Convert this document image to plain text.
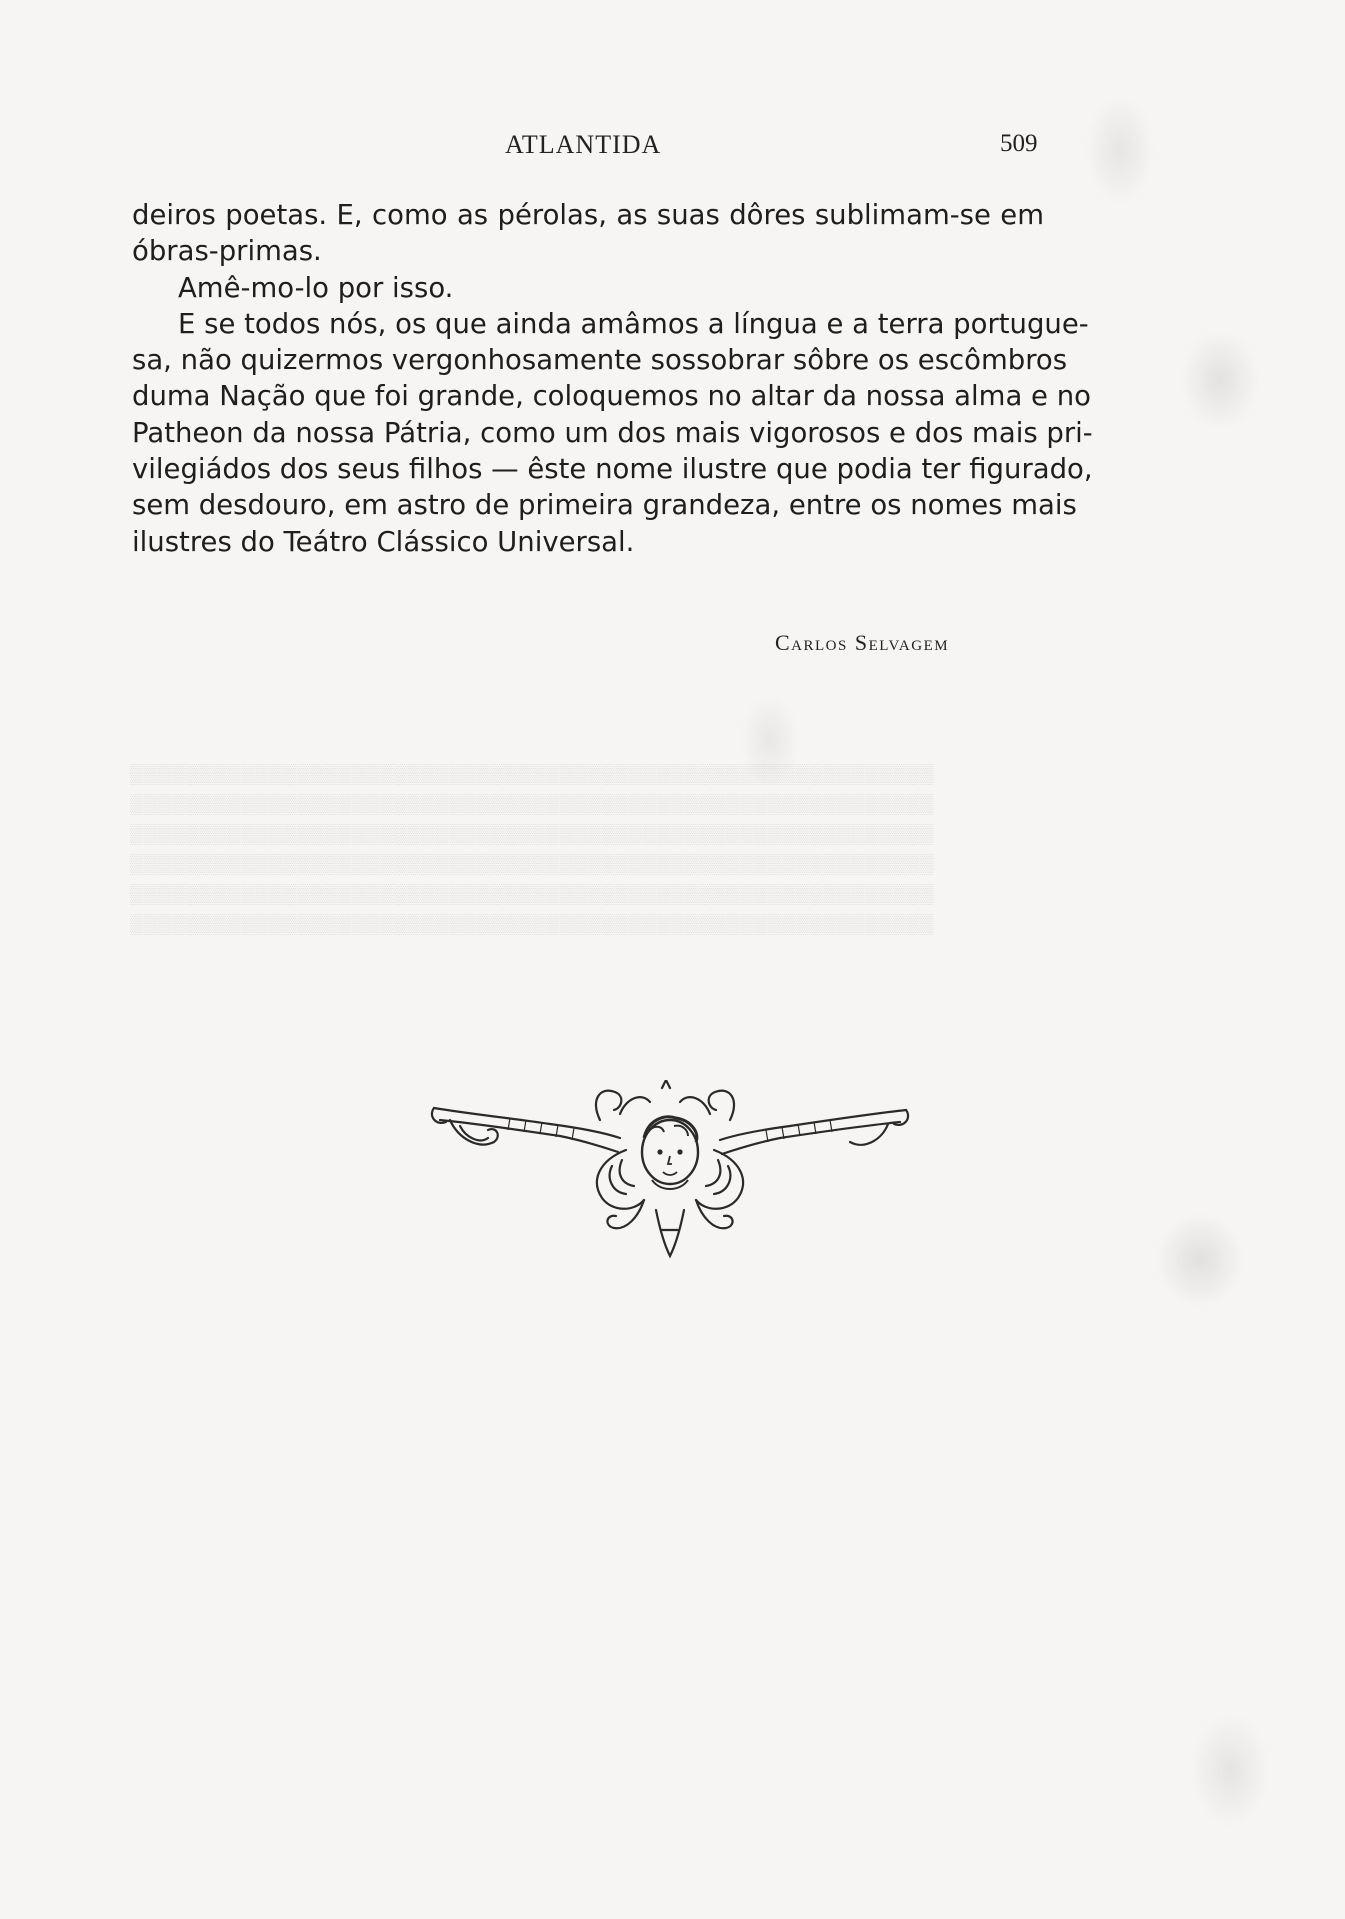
▒▒▒▒▒▒▒▒▒▒▒▒▒▒▒▒▒▒▒▒▒▒▒▒▒▒▒▒▒▒▒▒▒▒▒▒▒▒▒▒▒▒▒▒▒▒▒▒▒▒▒▒▒▒▒▒▒▒
▒▒▒▒▒▒▒▒▒▒▒▒▒▒▒▒▒▒▒▒▒▒▒▒▒▒▒▒▒▒▒▒▒▒▒▒▒▒▒▒▒▒▒▒▒▒▒▒▒▒▒▒▒▒▒▒▒▒
▒▒▒▒▒▒▒▒▒▒▒▒▒▒▒▒▒▒▒▒▒▒▒▒▒▒▒▒▒▒▒▒▒▒▒▒▒▒▒▒▒▒▒▒▒▒▒▒▒▒▒▒▒▒▒▒▒▒
▒▒▒▒▒▒▒▒▒▒▒▒▒▒▒▒▒▒▒▒▒▒▒▒▒▒▒▒▒▒▒▒▒▒▒▒▒▒▒▒▒▒▒▒▒▒▒▒▒▒▒▒▒▒▒▒▒▒
▒▒▒▒▒▒▒▒▒▒▒▒▒▒▒▒▒▒▒▒▒▒▒▒▒▒▒▒▒▒▒▒▒▒▒▒▒▒▒▒▒▒▒▒▒▒▒▒▒▒▒▒▒▒▒▒▒▒
▒▒▒▒▒▒▒▒▒▒▒▒▒▒▒▒▒▒▒▒▒▒▒▒▒▒▒▒▒▒▒▒▒▒▒▒▒▒▒▒▒▒▒▒▒▒▒▒▒▒▒▒▒▒▒▒▒▒

ATLANTIDA	509

deiros poetas. E, como as pérolas, as suas dôres sublimam-se em
óbras-primas.

Amê-mo-lo por isso.

E se todos nós, os que ainda amâmos a língua e a terra portugue-

sa, não quizermos vergonhosamente sossobrar sôbre os escômbros
duma Nação que foi grande, coloquemos no altar da nossa alma e no
Patheon da nossa Pátria, como um dos mais vigorosos e dos mais pri-
vilegiádos dos seus filhos — êste nome ilustre que podia ter figurado,
sem desdouro, em astro de primeira grandeza, entre os nomes mais
ilustres do Teátro Clássico Universal.

Carlos Selvagem
